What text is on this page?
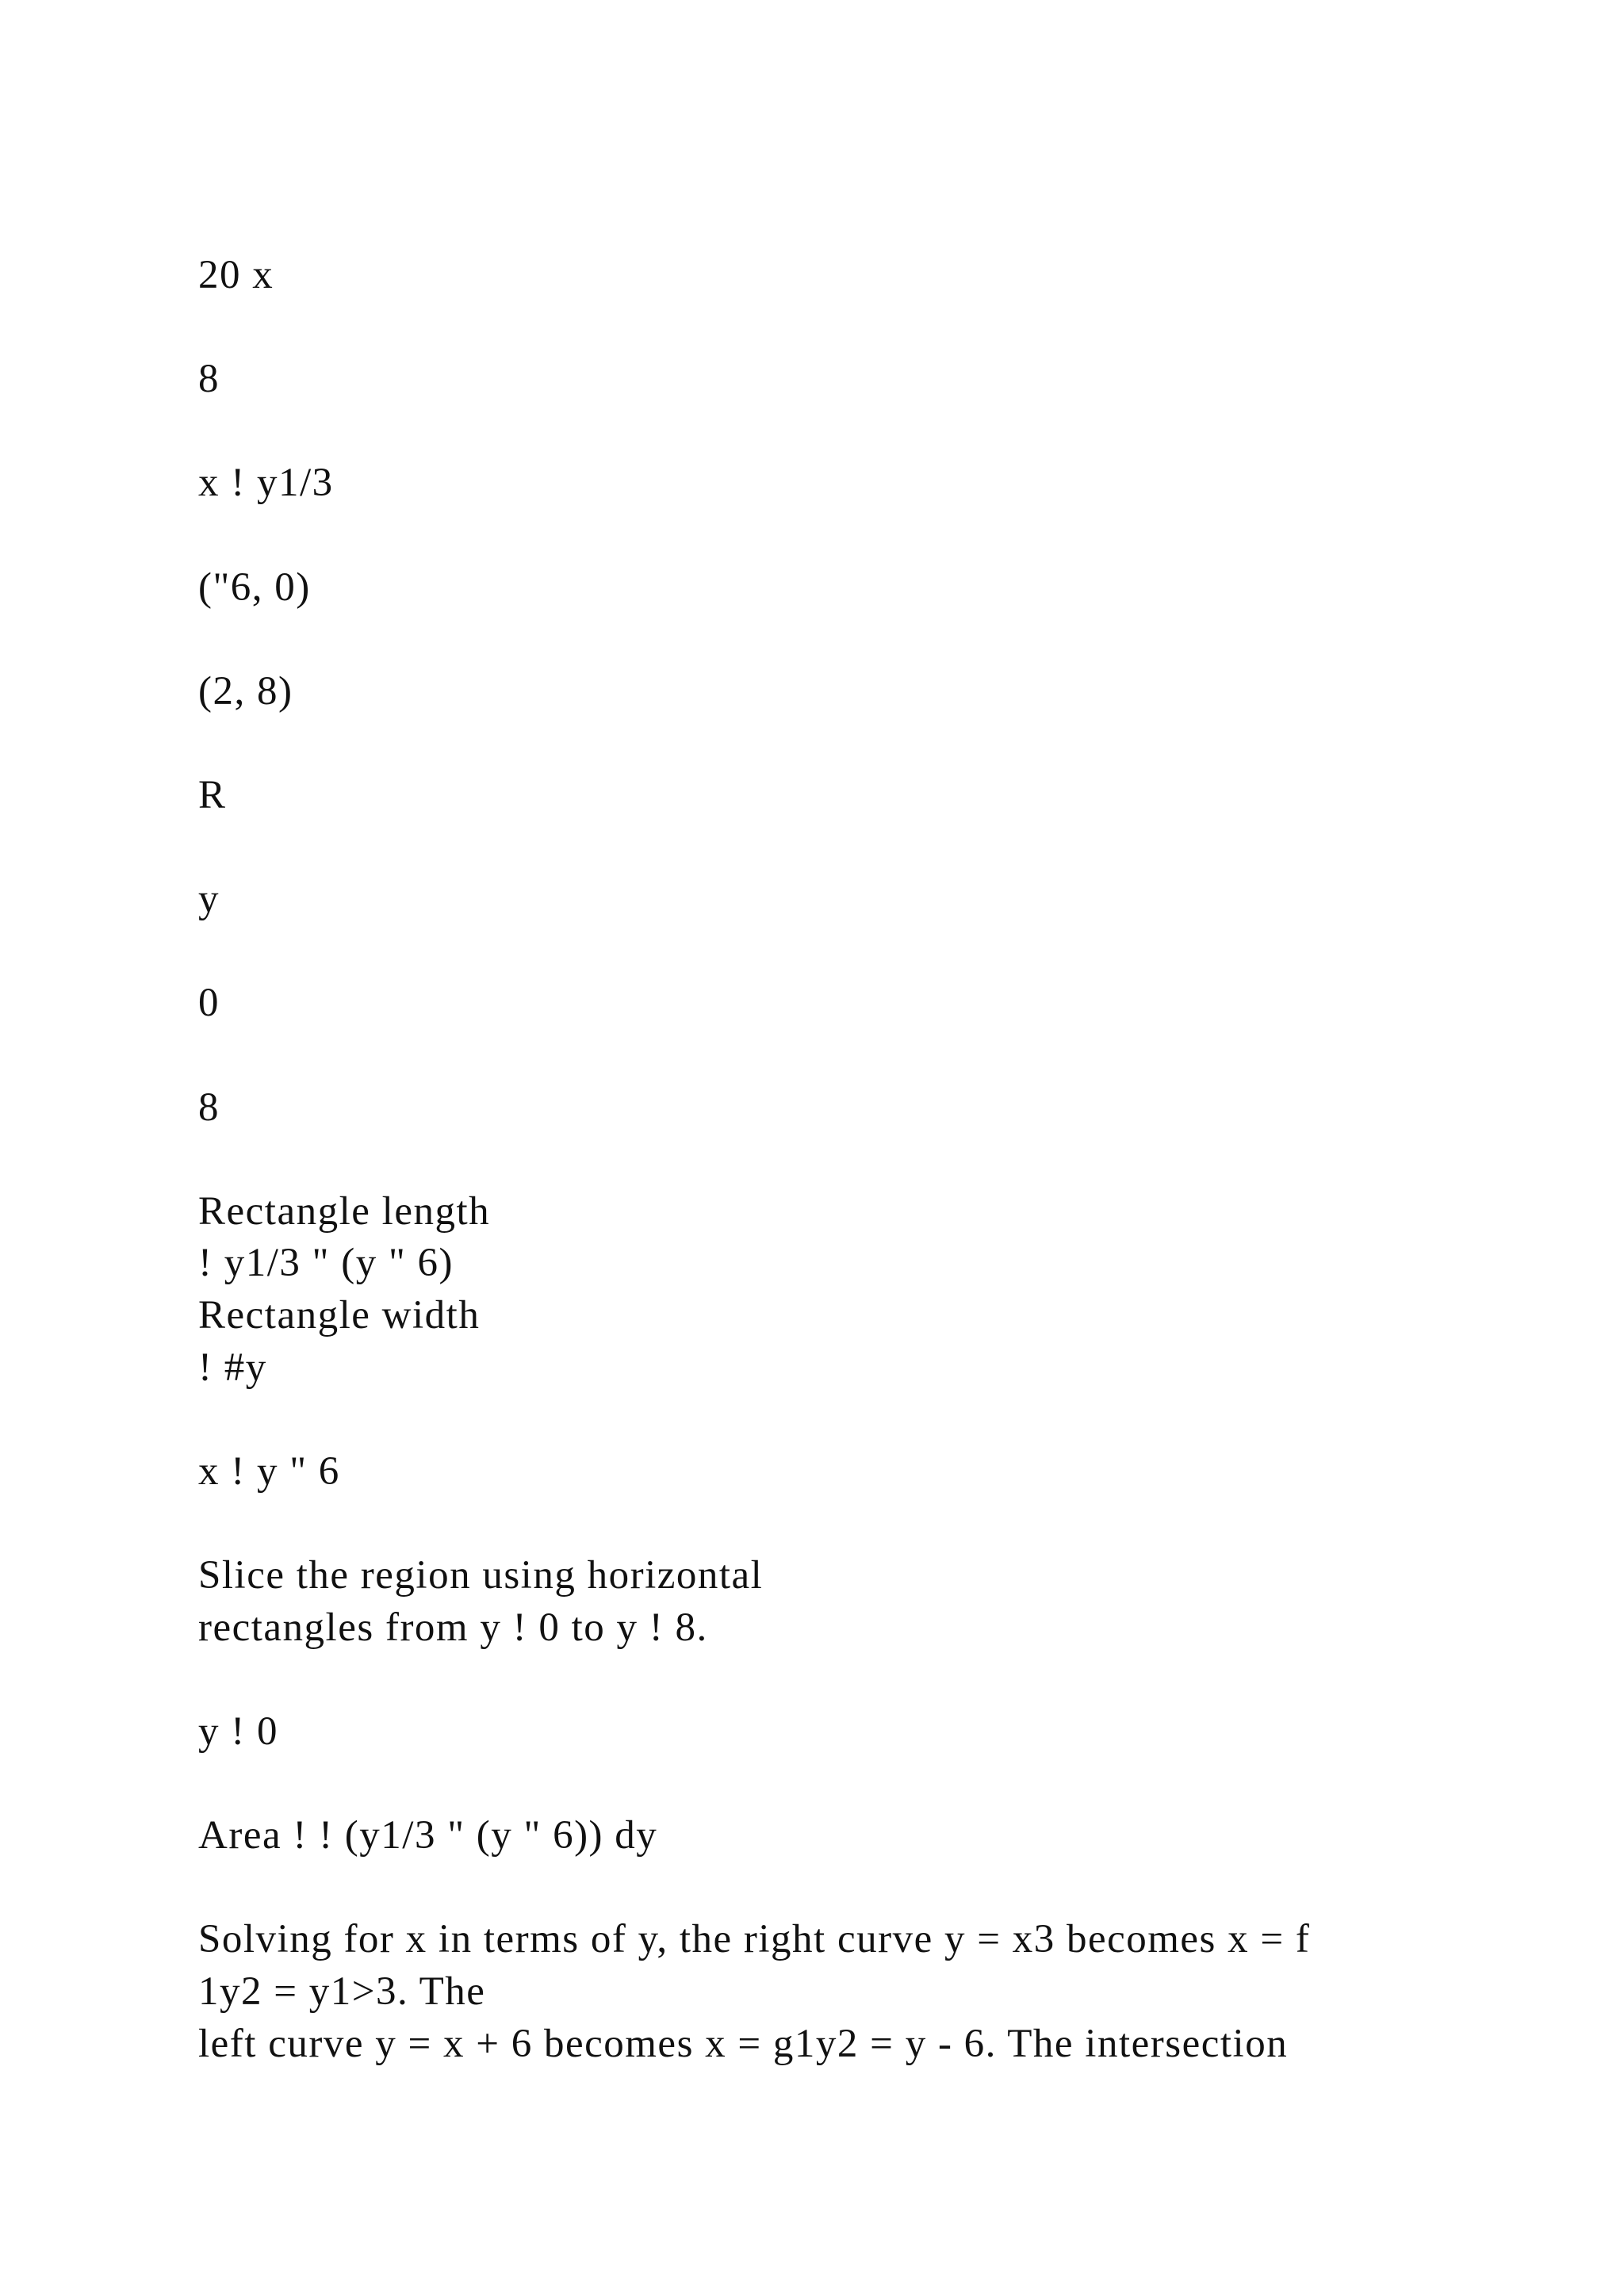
20 x

8

x ! y1/3

("6, 0)

(2, 8)

R

y

0

8

Rectangle length

! y1/3 " (y " 6)

Rectangle width

! #y

x ! y " 6

Slice the region using horizontal

rectangles from y ! 0 to y ! 8.

y ! 0

Area ! ! (y1/3 " (y " 6)) dy

Solving for x in terms of y, the right curve y = x3 becomes x = f

1y2 = y1>3. The

left curve y = x + 6 becomes x = g1y2 = y - 6. The intersection
